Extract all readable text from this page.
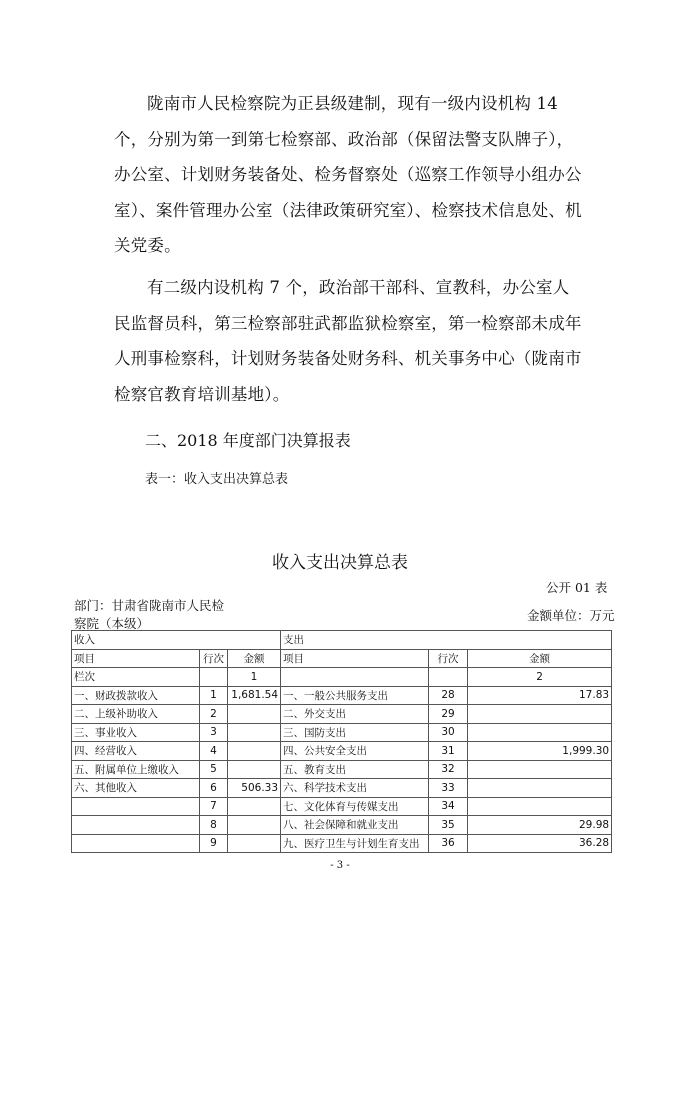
陇南市人民检察院为正县级建制，现有一级内设机构 14 个，分别为第一到第七检察部、政治部（保留法警支队牌子），办公室、计划财务装备处、检务督察处（巡察工作领导小组办公室）、案件管理办公室（法律政策研究室）、检察技术信息处、机关党委。

有二级内设机构 7 个，政治部干部科、宣教科，办公室人民监督员科，第三检察部驻武都监狱检察室，第一检察部未成年人刑事检察科，计划财务装备处财务科、机关事务中心（陇南市检察官教育培训基地）。

二、2018 年度部门决算报表

表一：收入支出决算总表

收入支出决算总表

公开 01 表

部门：甘肃省陇南市人民检察院（本级）

金额单位：万元

收入			支出		
项目	行次	金额	项目	行次	金额
栏次		1			2
一、财政拨款收入	1	1,681.54	一、一般公共服务支出	28	17.83
二、上级补助收入	2		二、外交支出	29	
三、事业收入	3		三、国防支出	30	
四、经营收入	4		四、公共安全支出	31	1,999.30
五、附属单位上缴收入	5		五、教育支出	32	
六、其他收入	6	506.33	六、科学技术支出	33	
	7		七、文化体育与传媒支出	34	
	8		八、社会保障和就业支出	35	29.98
	9		九、医疗卫生与计划生育支出	36	36.28

- 3 -
